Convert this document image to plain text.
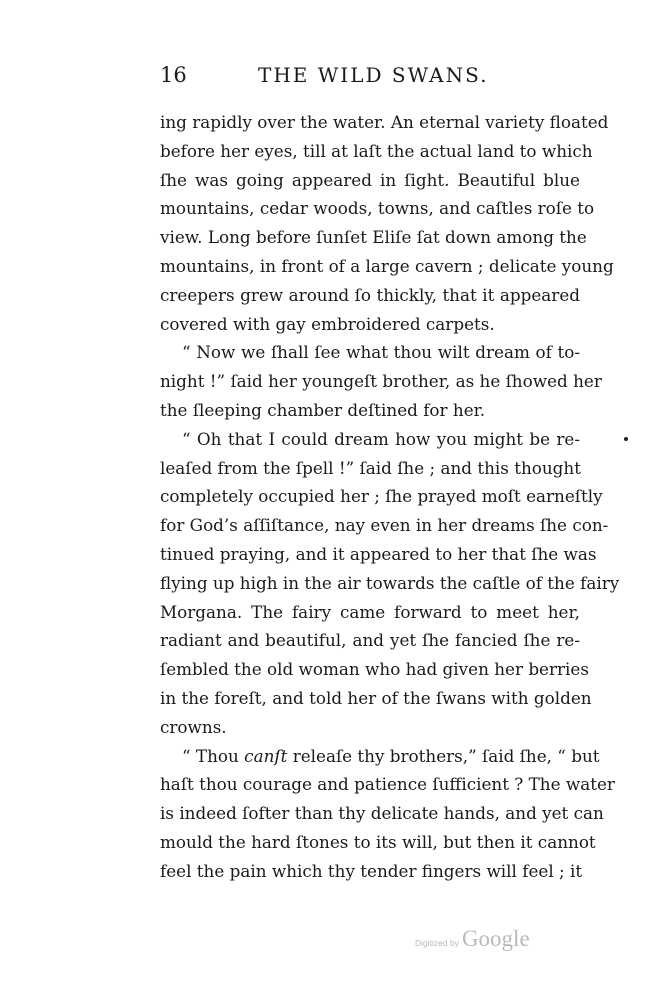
16	THE WILD SWANS.
ing rapidly over the water. An eternal variety floated
before her eyes, till at laſt the actual land to which
ſhe was going appeared in ſight. Beautiful blue
mountains, cedar woods, towns, and caſtles roſe to
view. Long before ſunſet Eliſe ſat down among the
mountains, in front of a large cavern ; delicate young
creepers grew around ſo thickly, that it appeared
covered with gay embroidered carpets.
“ Now we ſhall ſee what thou wilt dream of to-
night !” ſaid her youngeſt brother, as he ſhowed her
the ſleeping chamber deſtined for her.
“ Oh that I could dream how you might be re-
leaſed from the ſpell !” ſaid ſhe ; and this thought
completely occupied her ; ſhe prayed moſt earneſtly
for God’s aſſiſtance, nay even in her dreams ſhe con-
tinued praying, and it appeared to her that ſhe was
flying up high in the air towards the caſtle of the fairy
Morgana. The fairy came forward to meet her,
radiant and beautiful, and yet ſhe fancied ſhe re-
ſembled the old woman who had given her berries
in the foreſt, and told her of the ſwans with golden
crowns.
“ Thou canſt releaſe thy brothers,” ſaid ſhe, “ but
haſt thou courage and patience ſufficient ? The water
is indeed ſofter than thy delicate hands, and yet can
mould the hard ſtones to its will, but then it cannot
feel the pain which thy tender fingers will feel ; it
Digitized by Google
